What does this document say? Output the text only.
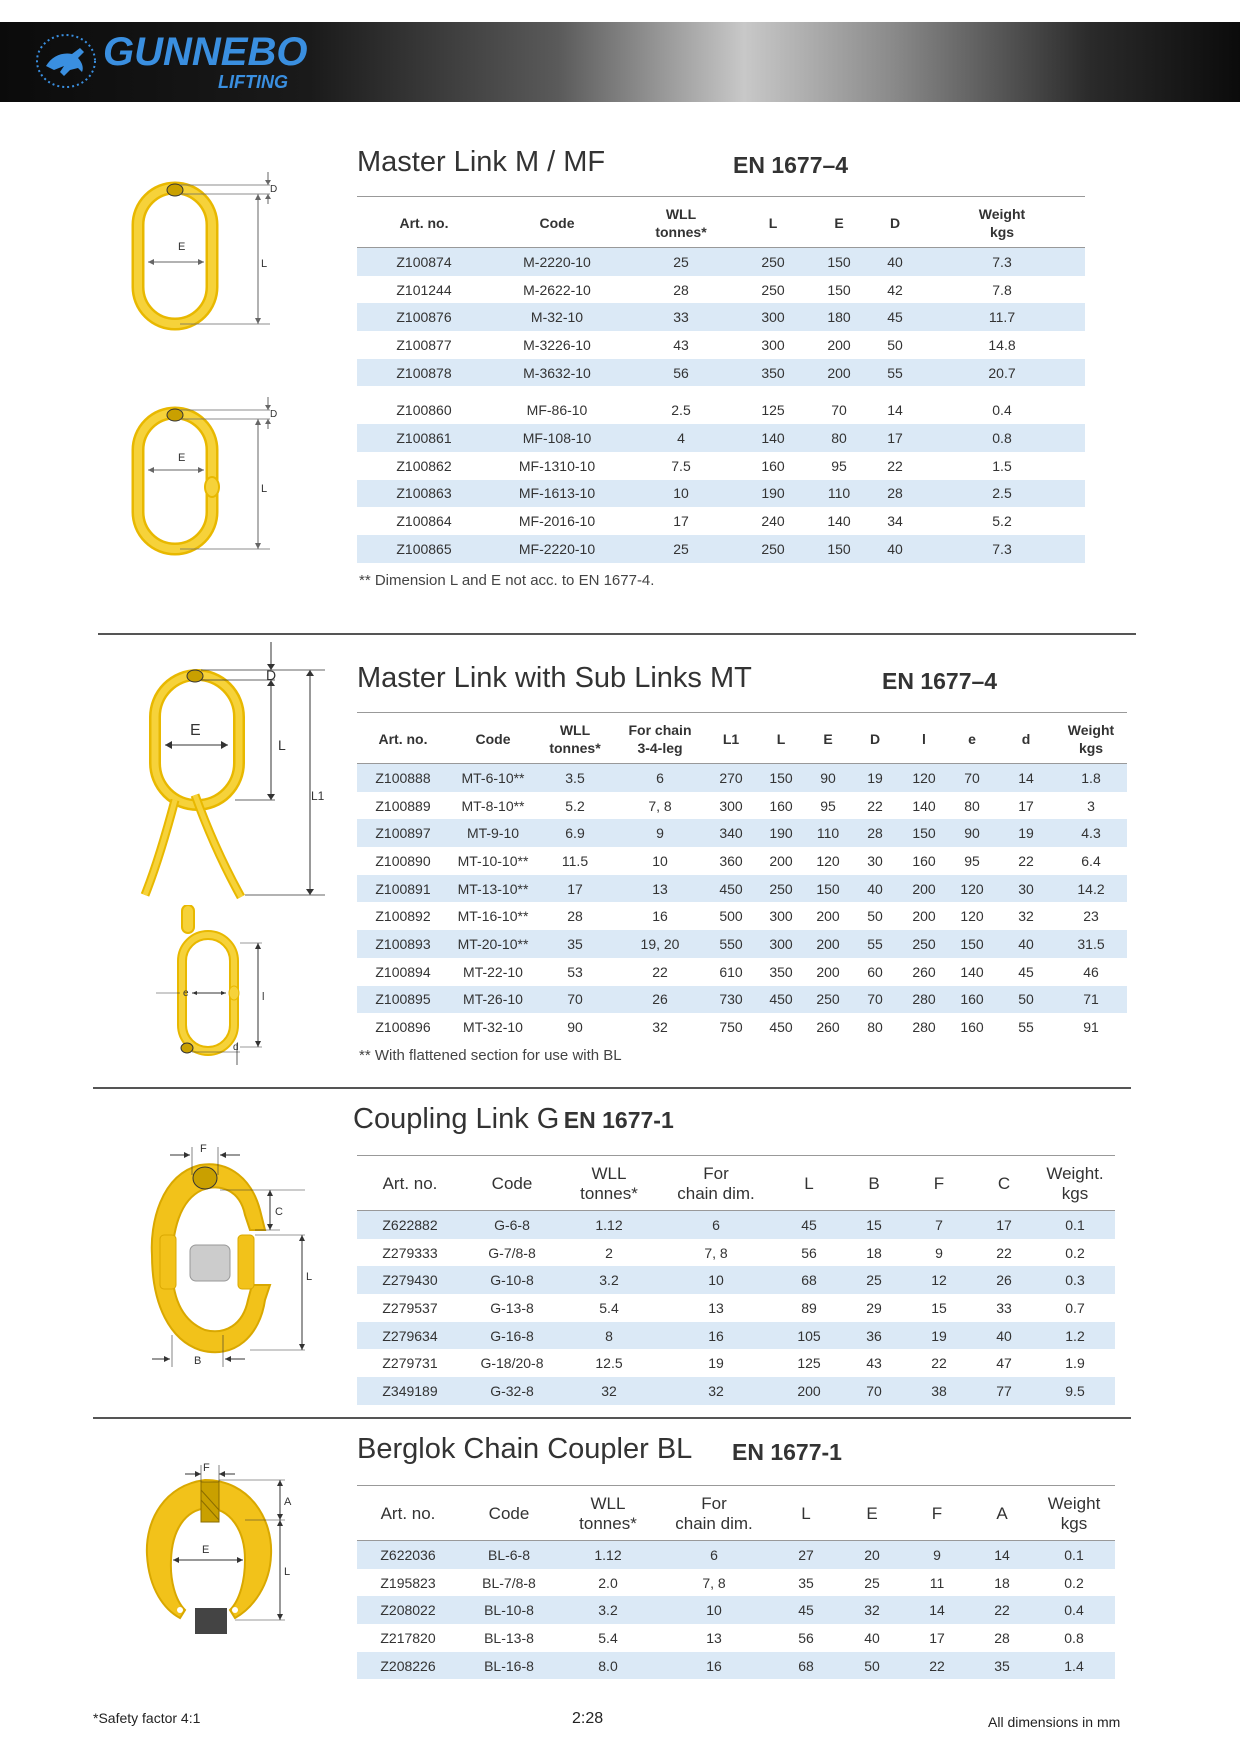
GUNNEBO
LIFTING
Master Link M / MF	EN 1677–4
D
L
E
D
L
E
Art. no.	Code	WLL
tonnes*	L	E	D	Weight
kgs
Z100874	M-2220-10	25	250	150	40	7.3
Z101244	M-2622-10	28	250	150	42	7.8
Z100876	M-32-10	33	300	180	45	11.7
Z100877	M-3226-10	43	300	200	50	14.8
Z100878	M-3632-10	56	350	200	55	20.7

Z100860	MF-86-10	2.5	125	70	14	0.4
Z100861	MF-108-10	4	140	80	17	0.8
Z100862	MF-1310-10	7.5	160	95	22	1.5
Z100863	MF-1613-10	10	190	110	28	2.5
Z100864	MF-2016-10	17	240	140	34	5.2
Z100865	MF-2220-10	25	250	150	40	7.3
** Dimension L and E not acc. to EN 1677-4.
Master Link with Sub Links MT	EN 1677–4
D
L
L1
E
l
e
d
Art. no.	Code	WLL
tonnes*	For chain
3-4-leg	L1	L	E	D	l	e	d	Weight
kgs
Z100888	MT-6-10**	3.5	6	270	150	90	19	120	70	14	1.8
Z100889	MT-8-10**	5.2	7, 8	300	160	95	22	140	80	17	3
Z100897	MT-9-10	6.9	9	340	190	110	28	150	90	19	4.3
Z100890	MT-10-10**	11.5	10	360	200	120	30	160	95	22	6.4
Z100891	MT-13-10**	17	13	450	250	150	40	200	120	30	14.2
Z100892	MT-16-10**	28	16	500	300	200	50	200	120	32	23
Z100893	MT-20-10**	35	19, 20	550	300	200	55	250	150	40	31.5
Z100894	MT-22-10	53	22	610	350	200	60	260	140	45	46
Z100895	MT-26-10	70	26	730	450	250	70	280	160	50	71
Z100896	MT-32-10	90	32	750	450	260	80	280	160	55	91
** With flattened section for use with BL
Coupling Link G EN 1677-1
F
C
L
B
Art. no.	Code	WLL
tonnes*	For
chain dim.	L	B	F	C	Weight.
kgs
Z622882	G-6-8	1.12	6	45	15	7	17	0.1
Z279333	G-7/8-8	2	7, 8	56	18	9	22	0.2
Z279430	G-10-8	3.2	10	68	25	12	26	0.3
Z279537	G-13-8	5.4	13	89	29	15	33	0.7
Z279634	G-16-8	8	16	105	36	19	40	1.2
Z279731	G-18/20-8	12.5	19	125	43	22	47	1.9
Z349189	G-32-8	32	32	200	70	38	77	9.5
Berglok Chain Coupler BL EN 1677-1
F
A
E
L
Art. no.	Code	WLL
tonnes*	For
chain dim.	L	E	F	A	Weight
kgs
Z622036	BL-6-8	1.12	6	27	20	9	14	0.1
Z195823	BL-7/8-8	2.0	7, 8	35	25	11	18	0.2
Z208022	BL-10-8	3.2	10	45	32	14	22	0.4
Z217820	BL-13-8	5.4	13	56	40	17	28	0.8
Z208226	BL-16-8	8.0	16	68	50	22	35	1.4
*Safety factor 4:1	2:28	All dimensions in mm
